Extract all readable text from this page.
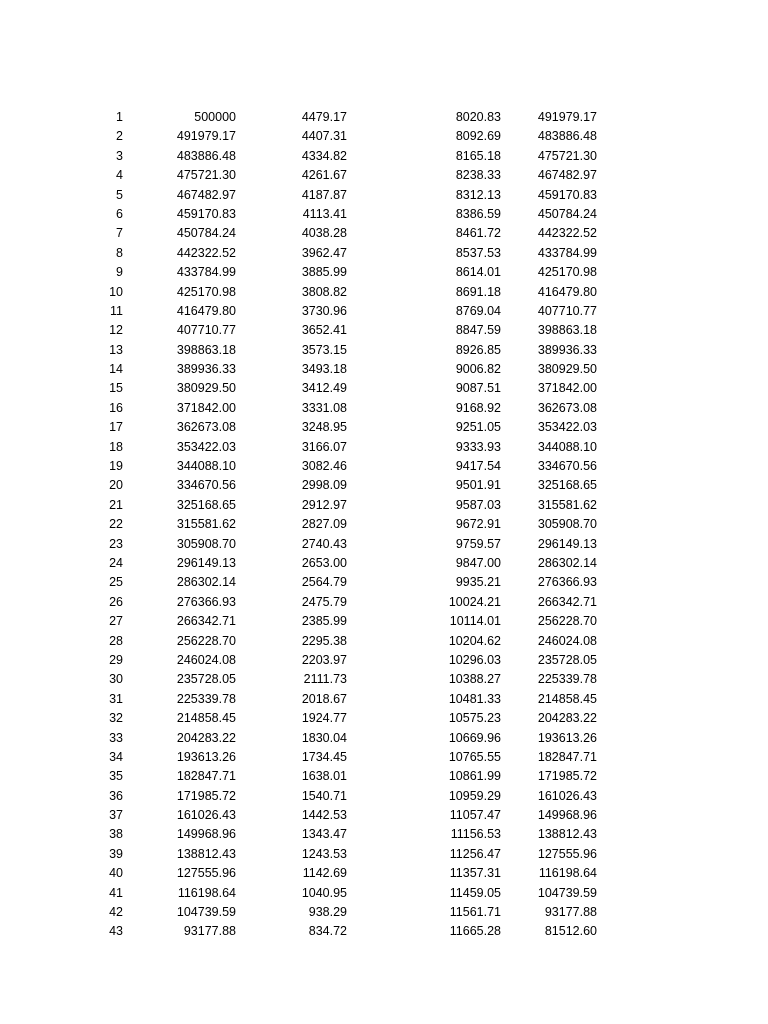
1	500000	4479.17	8020.83	491979.17
2	491979.17	4407.31	8092.69	483886.48
3	483886.48	4334.82	8165.18	475721.30
4	475721.30	4261.67	8238.33	467482.97
5	467482.97	4187.87	8312.13	459170.83
6	459170.83	4113.41	8386.59	450784.24
7	450784.24	4038.28	8461.72	442322.52
8	442322.52	3962.47	8537.53	433784.99
9	433784.99	3885.99	8614.01	425170.98
10	425170.98	3808.82	8691.18	416479.80
11	416479.80	3730.96	8769.04	407710.77
12	407710.77	3652.41	8847.59	398863.18
13	398863.18	3573.15	8926.85	389936.33
14	389936.33	3493.18	9006.82	380929.50
15	380929.50	3412.49	9087.51	371842.00
16	371842.00	3331.08	9168.92	362673.08
17	362673.08	3248.95	9251.05	353422.03
18	353422.03	3166.07	9333.93	344088.10
19	344088.10	3082.46	9417.54	334670.56
20	334670.56	2998.09	9501.91	325168.65
21	325168.65	2912.97	9587.03	315581.62
22	315581.62	2827.09	9672.91	305908.70
23	305908.70	2740.43	9759.57	296149.13
24	296149.13	2653.00	9847.00	286302.14
25	286302.14	2564.79	9935.21	276366.93
26	276366.93	2475.79	10024.21	266342.71
27	266342.71	2385.99	10114.01	256228.70
28	256228.70	2295.38	10204.62	246024.08
29	246024.08	2203.97	10296.03	235728.05
30	235728.05	2111.73	10388.27	225339.78
31	225339.78	2018.67	10481.33	214858.45
32	214858.45	1924.77	10575.23	204283.22
33	204283.22	1830.04	10669.96	193613.26
34	193613.26	1734.45	10765.55	182847.71
35	182847.71	1638.01	10861.99	171985.72
36	171985.72	1540.71	10959.29	161026.43
37	161026.43	1442.53	11057.47	149968.96
38	149968.96	1343.47	11156.53	138812.43
39	138812.43	1243.53	11256.47	127555.96
40	127555.96	1142.69	11357.31	116198.64
41	116198.64	1040.95	11459.05	104739.59
42	104739.59	938.29	11561.71	93177.88
43	93177.88	834.72	11665.28	81512.60
